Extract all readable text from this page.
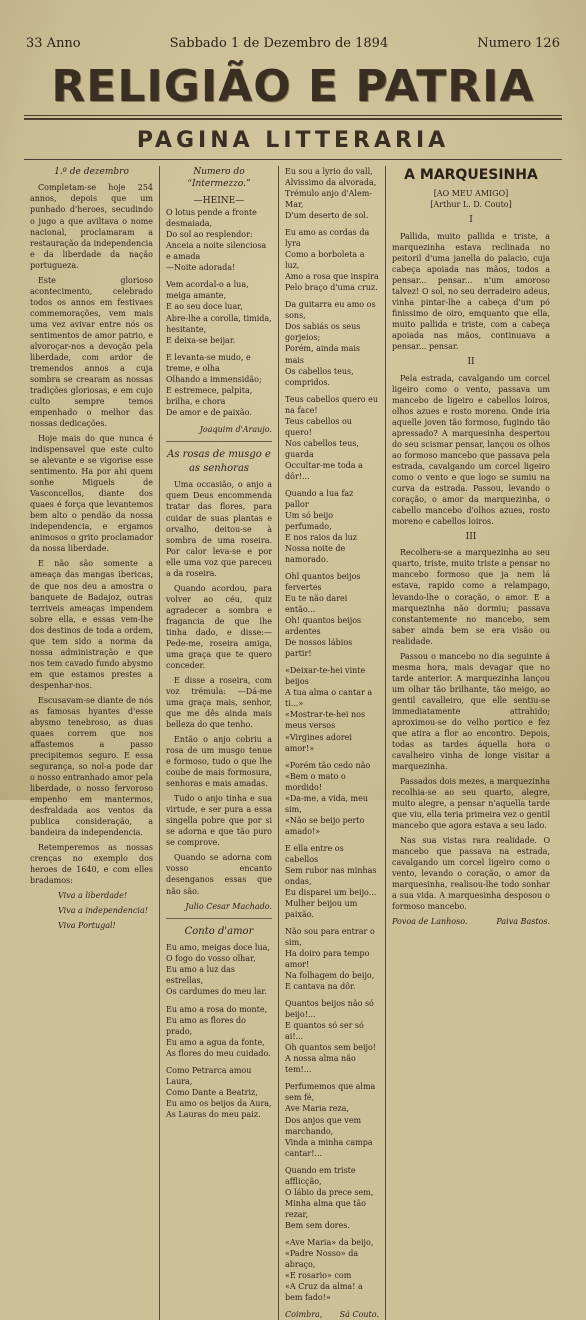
33 Anno	Sabbado 1 de Dezembro de 1894	Numero 126
RELIGIÃO E PATRIA
PAGINA LITTERARIA
1.º de dezembro

Completam-se hoje 254 annos, depois que um punhado d'heroes, secudindo o jugo a que aviltava o nome nacional, proclamaram a restauração da independencia e da liberdade da nação portugueza.

Este glorioso acontecimento, celebrado todos os annos em festivaes commemorações, vem mais uma vez avivar entre nós os sentimentos de amor patrio, e alvoroçar-nos a devoção pela liberdade, com ardor de tremendos annos a cuja sombra se crearam as nossas tradições gloriosas, e em cujo culto sempre temos empenhado o melhor das nossas dedicações.

Hoje mais do que nunca é indispensavel que este culto se alevante e se vigorise esse sentimento. Ha por ahi quem sonhe Miguels de Vasconcellos, diante dos quaes é força que levantemos bem alto o pendão da nossa independencia, e ergamos animosos o grito proclamador da nossa liberdade.

E não são somente a ameaça das mangas ibericas, de que nos deu a amostra o banquete de Badajoz, outras terriveis ameaças impendem sobre ella, e essas vem-lhe dos destinos de toda a ordem, que tem sido a norma da nossa administração e que nos tem cavado fundo abysmo em que estamos prestes a despenhar-nos.

Escusavam-se diante de nós as famosas hyantes d'esse abysmo tenebroso, as duas quaes correm que nos affastemos a passo precipitemos seguro. E essa segurança, so nol-a pode dar o nosso entranhado amor pela liberdade, o nosso fervoroso empenho em mantermos, desfraldada aos ventos da publica consideração, a bandeira da independencia.

Retemperemos as nossas crenças no exemplo dos heroes de 1640, e com elles bradamos:

Viva a liberdade!

Viva a independencia!

Viva Portugal!

Numero do “Intermezzo.”
—HEINE—
O lotus pende a fronte desmaiada,
Do sol ao resplendor:
Anceia a noite silenciosa e amada
—Noite adorada!
Vem acordal-o a lua, meiga amante,
E ao seu doce luar,
Abre-lhe a corolla, timida, hesitante,
E deixa-se beijar.
E levanta-se mudo, e treme, e olha
Olhando a immensidão;
E estremece, palpita, brilha, e chora
De amor e de paixão.
Joaquim d'Araujo.
As rosas de musgo e as senhoras

Uma occasião, o anjo a quem Deus encommenda tratar das flores, para cuidar de suas plantas e orvalho, deitou-se à sombra de uma roseira. Por calor leva-se e por elle uma voz que pareceu a da roseira.

Quando acordou, para volver ao céu, quiz agradecer a sombra e fragancia de que lhe tinha dado, e disse:—Pede-me, roseira amiga, uma graça que te quero conceder.

E disse a roseira, com voz trémula: —Dá-me uma graça mais, senhor, que me dês ainda mais belleza do que tenho.

Então o anjo cobriu a rosa de um musgo tenue e formoso, tudo o que lhe coube de mais formosura, senhoras e mais amadas.

Tudo o anjo tinha e sua virtude, e ser pura a essa singella pobre que por si se adorna e que tão puro se comprove.

Quando se adorna com vosso encanto desenganos essas que não são.

Julio Cesar Machado.
Conto d'amor
Eu amo, meigas doce lua,
O fogo do vosso olhar,
Eu amo a luz das estrellas,
Os cardumes do meu lar.
Eu amo a rosa do monte,
Eu amo as flores do prado,
Eu amo a agua da fonte,
As flores do meu cuidado.
Como Petrarca amou Laura,
Como Dante a Beatriz,
Eu amo os beijos da Aura,
As Lauras do meu paiz.
Eu sou a lyrio do vall,
Alvissimo da alvorada,
Trémulo anjo d'Alem-Mar,
D'um deserto de sol.
Eu amo as cordas da lyra
Como a borboleta a luz,
Amo a rosa que inspira
Pelo braço d'uma cruz.
Da guitarra eu amo os sons,
Dos sabiás os seus gorjeios;
Porém, ainda mais mais
Os cabellos teus, compridos.
Teus cabellos quero eu na face!
Teus cabellos ou quero!
Nos cabellos teus, guarda
Occultar-me toda a dôr!...
Quando a lua faz pallor
Um só beijo perfumado,
E nos raios da luz
Nossa noite de namorado.
Ohl quantos beijos fervertes
Eu te não darei então...
Oh! quantos beijos ardentes
De nossos lábios partir!
«Deixar-te-hei vinte beijos
A tua alma o cantar a ti...»
«Mostrar-te-hei nos meus versos
«Virgines adorei amor!»
«Porém tão cedo não
«Bem o mato o mordido!
«Da-me, a vida, meu sim,
«Não se beijo perto amado!»
E ella entre os cabellos
Sem rubor nas minhas ondas,
Eu disparei um beijo...
Mulher beijou um paixão.
Não sou para entrar o sim,
Ha doiro para tempo amor!
Na folhagem do beijo,
E cantava na dôr.
Quantos beijos não só beijo!...
E quantos só ser só ai!...
Oh quantos sem beijo!
A nossa alma não tem!...
Perfumemos que alma sem fé,
Ave Maria reza,
Dos anjos que vem marchando,
Vinda a minha campa cantar!...
Quando em triste afflicção,
O lábio da prece sem,
Minha alma que tão rezar,
Bem sem dores.
«Ave Maria» da beijo,
«Padre Nosso» da abraço,
«E rosario» com
«A Cruz da alma! a bem fado!»
Coimbra, Sá Couto.
A MARQUESINHA
[AO MEU AMIGO]
[Arthur L. D. Couto]
I

Pallida, muito pallida e triste, a marquezinha estava reclinada no peitoril d'uma janella do palacio, cuja cabeça apoiada nas mãos, todos a pensar... pensar... n'um amoroso talvez! O sol, no seu derradeiro adeus, vinha pintar-lhe a cabeça d'um pó finissimo de oiro, emquanto que ella, muito pallida e triste, com a cabeça apoiada nas mãos, continuava a pensar... pensar.

II

Pela estrada, cavalgando um corcel ligeiro como o vento, passava um mancebo de ligeiro e cabellos loiros, olhos azues e rosto moreno. Onde iria aquelle joven tão formoso, fugindo tão apressado? A marquesinha despertou do seu scismar pensar, lançou os olhos ao formoso mancebo que passava pela estrada, cavalgando um corcel ligeiro como o vento e que logo se sumiu na curva da estrada. Passou, levando o coração, o amor da marquezinha, o cabello mancebo d'olhos azues, rosto moreno e cabellos loiros.

III

Recolhera-se a marquezinha ao seu quarto, triste, muito triste a pensar no mancebo formoso que ja nem lá estava, rapido como a relampago, levando-lhe o coração, o amor. E a marquezinha não dormiu; passava constantemente no mancebo, sem saber ainda bem se era visão ou realidade.

Passou o mancebo no dia seguinte á mesma hora, mais devagar que no tarde anterior. A marquezinha lançou um olhar tão brilhante, tão meigo, ao gentil cavalleiro, que elle sentiu-se immediatamente attrahido; aproximou-se do velho portico e fez que atira a flor ao encontro. Depois, todas as tardes áquella hora o cavalheiro vinha de longe visitar a marquezinha.

Passados dois mezes, a marquezinha recolhia-se ao seu quarto, alegre, muito alegre, a pensar n'aquella tarde que viu, ella teria primeira vez o gentil mancebo que agora estava a seu lado.

Nas sua vistas rara realidade. O mancebo que passava na estrada, cavalgando um corcel ligeiro como o vento, levando o coração, o amor da marquesinha, realisou-lhe todo sonhar a sua vida. A marquesinha desposou o formoso mancebo.

Povoa de Lanhoso.	Paiva Bastos.
